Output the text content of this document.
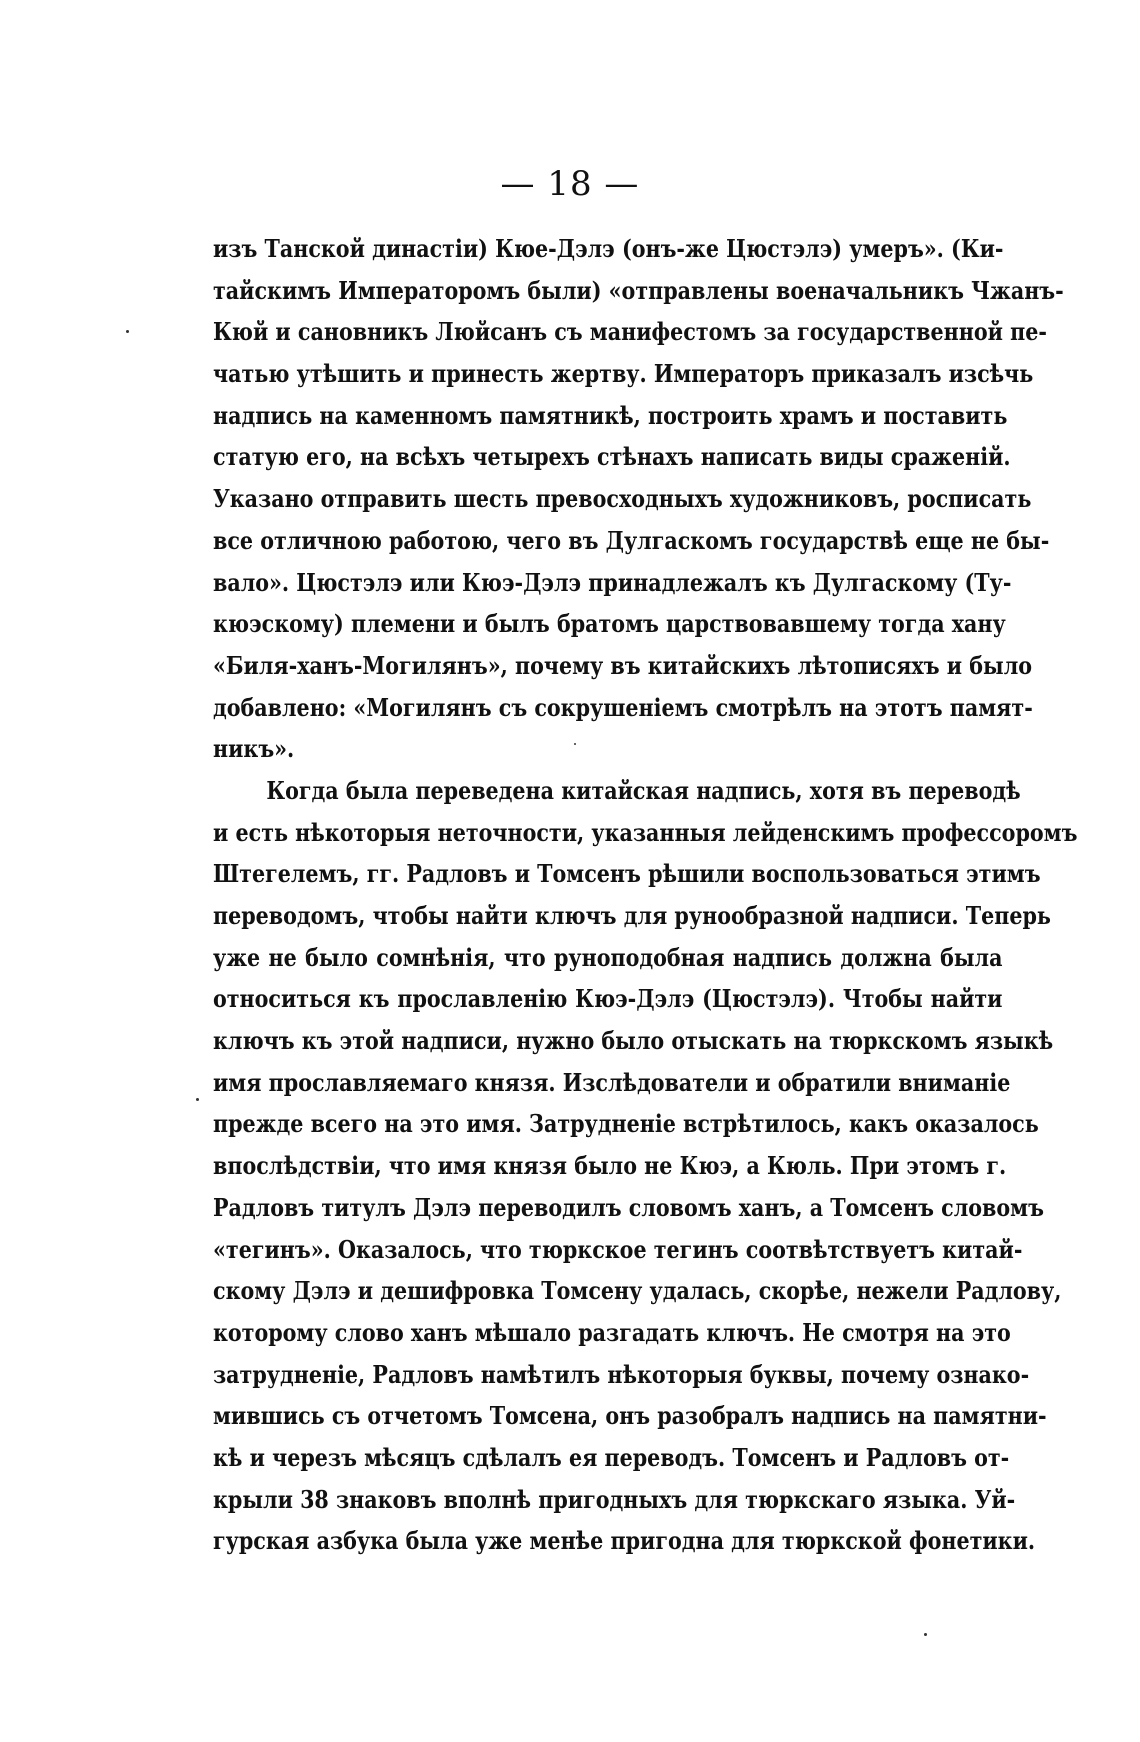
— 18 —
изъ Танской династіи) Кюе-Дэлэ (онъ-же Цюстэлэ) умеръ». (Ки-
тайскимъ Императоромъ были) «отправлены военачальникъ Чжанъ-
Кюй и сановникъ Люйсанъ съ манифестомъ за государственной пе-
чатью утѣшить и принесть жертву. Императоръ приказалъ изсѣчь
надпись на каменномъ памятникѣ, построить храмъ и поставить
статую его, на всѣхъ четырехъ стѣнахъ написать виды сраженій.
Указано отправить шесть превосходныхъ художниковъ, росписать
все отличною работою, чего въ Дулгаскомъ государствѣ еще не бы-
вало». Цюстэлэ или Кюэ-Дэлэ принадлежалъ къ Дулгаскому (Ту-
кюэскому) племени и былъ братомъ царствовавшему тогда хану
«Биля-ханъ-Могилянъ», почему въ китайскихъ лѣтописяхъ и было
добавлено: «Могилянъ съ сокрушеніемъ смотрѣлъ на этотъ памят-
никъ».
Когда была переведена китайская надпись, хотя въ переводѣ
и есть нѣкоторыя неточности, указанныя лейденскимъ профессоромъ
Штегелемъ, гг. Радловъ и Томсенъ рѣшили воспользоваться этимъ
переводомъ, чтобы найти ключъ для рунообразной надписи. Теперь
уже не было сомнѣнія, что руноподобная надпись должна была
относиться къ прославленію Кюэ-Дэлэ (Цюстэлэ). Чтобы найти
ключъ къ этой надписи, нужно было отыскать на тюркскомъ языкѣ
имя прославляемаго князя. Изслѣдователи и обратили вниманіе
прежде всего на это имя. Затрудненіе встрѣтилось, какъ оказалось
впослѣдствіи, что имя князя было не Кюэ, а Кюль. При этомъ г.
Радловъ титулъ Дэлэ переводилъ словомъ ханъ, а Томсенъ словомъ
«тегинъ». Оказалось, что тюркское тегинъ соотвѣтствуетъ китай-
скому Дэлэ и дешифровка Томсену удалась, скорѣе, нежели Радлову,
которому слово ханъ мѣшало разгадать ключъ. Не смотря на это
затрудненіе, Радловъ намѣтилъ нѣкоторыя буквы, почему ознако-
мившись съ отчетомъ Томсена, онъ разобралъ надпись на памятни-
кѣ и черезъ мѣсяцъ сдѣлалъ ея переводъ. Томсенъ и Радловъ от-
крыли 38 знаковъ вполнѣ пригодныхъ для тюркскаго языка. Уй-
гурская азбука была уже менѣе пригодна для тюркской фонетики.
